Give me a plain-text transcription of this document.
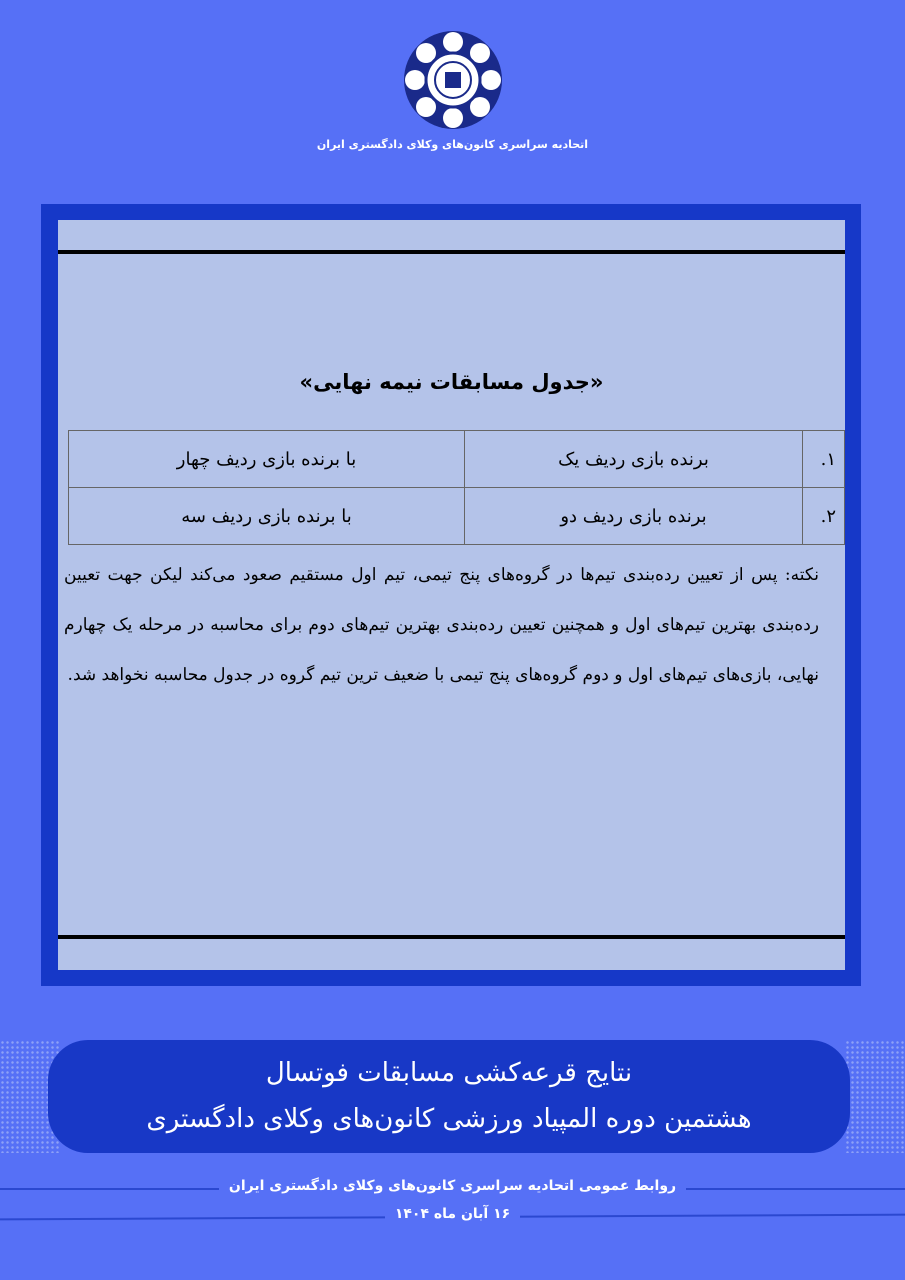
اتحادیه سراسری کانون‌های وکلای دادگستری ایران
«جدول مسابقات نیمه نهایی»
۱.	برنده بازی ردیف یک	با برنده بازی ردیف چهار
۲.	برنده بازی ردیف دو	با برنده بازی ردیف سه
نکته: پس از تعیین رده‌بندی تیم‌ها در گروه‌های پنج تیمی، تیم اول مستقیم صعود می‌کند لیکن جهت تعیین رده‌بندی بهترین تیم‌های اول و همچنین تعیین رده‌بندی بهترین تیم‌های دوم برای محاسبه در مرحله یک چهارم نهایی، بازی‌های تیم‌های اول و دوم گروه‌های پنج تیمی با ضعیف ترین تیم گروه در جدول محاسبه نخواهد شد.
نتایج قرعه‌کشی مسابقات فوتسال
هشتمین دوره المپیاد ورزشی کانون‌های وکلای دادگستری
روابط عمومی اتحادیه سراسری کانون‌های وکلای دادگستری ایران
۱۶ آبان ماه ۱۴۰۴
